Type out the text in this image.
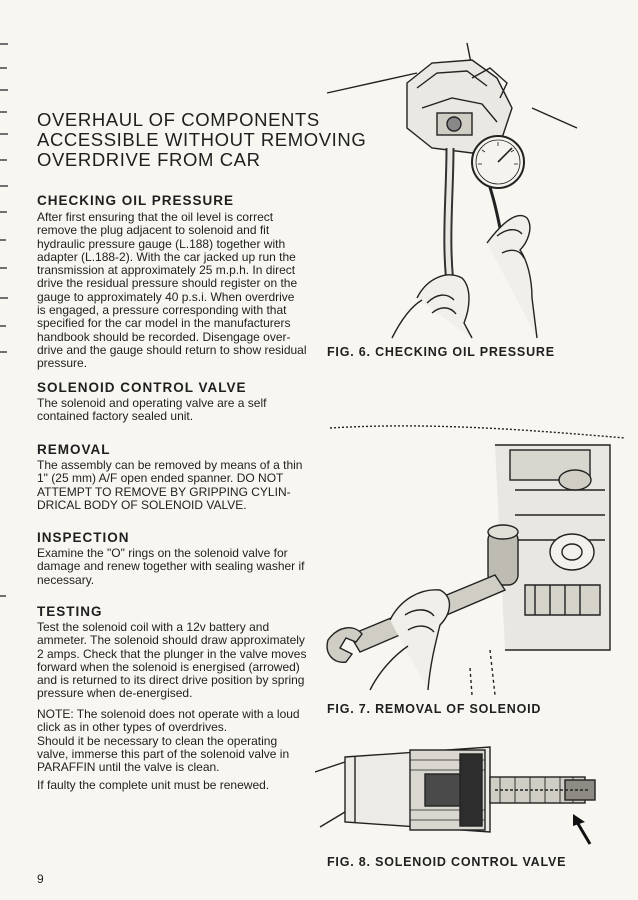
OVERHAUL OF COMPONENTS
ACCESSIBLE WITHOUT REMOVING
OVERDRIVE FROM CAR
CHECKING OIL PRESSURE
After first ensuring that the oil level is correct
remove the plug adjacent to solenoid and fit
hydraulic pressure gauge (L.188) together with
adapter (L.188-2). With the car jacked up run the
transmission at approximately 25 m.p.h. In direct
drive the residual pressure should register on the
gauge to approximately 40 p.s.i. When overdrive
is engaged, a pressure corresponding with that
specified for the car model in the manufacturers
handbook should be recorded. Disengage over-
drive and the gauge should return to show residual
pressure.
SOLENOID CONTROL VALVE
The solenoid and operating valve are a self
contained factory sealed unit.
REMOVAL
The assembly can be removed by means of a thin
1" (25 mm) A/F open ended spanner. DO NOT
ATTEMPT TO REMOVE BY GRIPPING CYLIN-
DRICAL BODY OF SOLENOID VALVE.
INSPECTION
Examine the "O" rings on the solenoid valve for
damage and renew together with sealing washer if
necessary.
TESTING
Test the solenoid coil with a 12v battery and
ammeter. The solenoid should draw approximately
2 amps. Check that the plunger in the valve moves
forward when the solenoid is energised (arrowed)
and is returned to its direct drive position by spring
pressure when de-energised.
NOTE: The solenoid does not operate with a loud
click as in other types of overdrives.
Should it be necessary to clean the operating
valve, immerse this part of the solenoid valve in
PARAFFIN until the valve is clean.
If faulty the complete unit must be renewed.
FIG. 6. CHECKING OIL PRESSURE
FIG. 7. REMOVAL OF SOLENOID
FIG. 8. SOLENOID CONTROL VALVE
9
